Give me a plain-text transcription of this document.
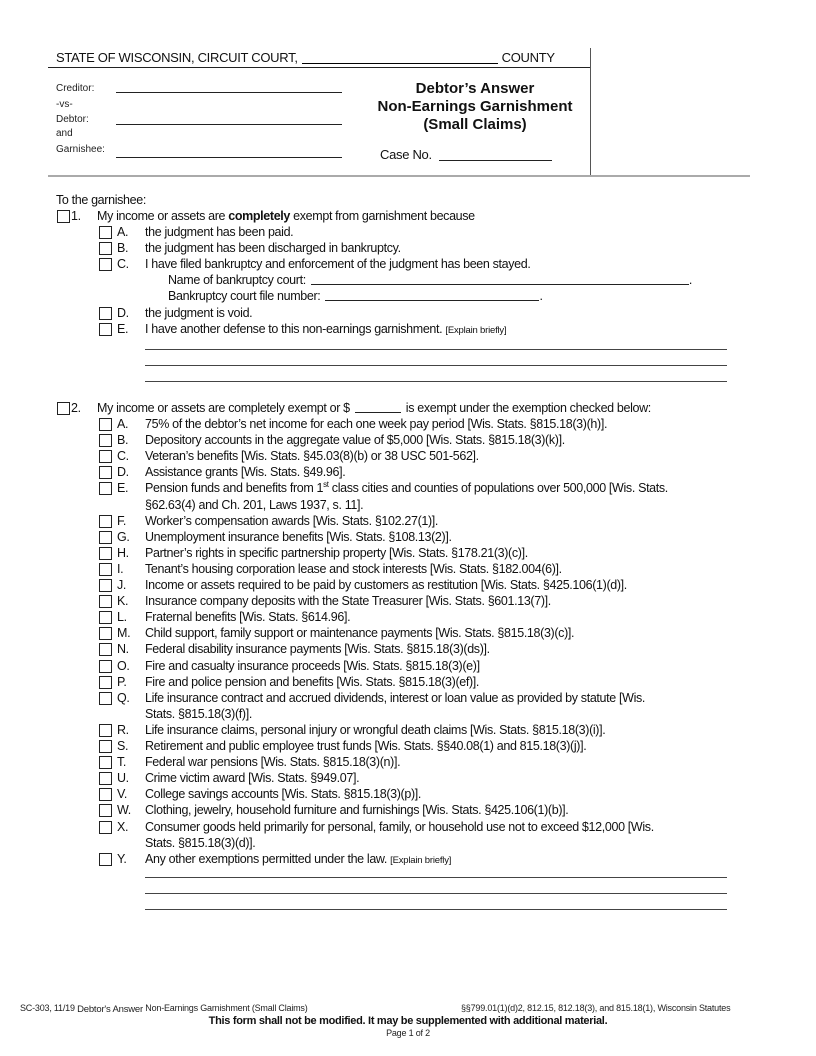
STATE OF WISCONSIN, CIRCUIT COURT,	COUNTY
Creditor:
-vs-
Debtor:
and
Garnishee:
Debtor’s Answer
Non-Earnings Garnishment
(Small Claims)
Case No.
To the garnishee:
1. My income or assets are completely exempt from garnishment because
SC-303, 11/19 Debtor's Answer Non-Earnings Garnishment (Small Claims)	§§799.01(1)(d)2, 812.15, 812.18(3), and 815.18(1), Wisconsin Statutes
This form shall not be modified. It may be supplemented with additional material.
Page 1 of 2
A. the judgment has been paid.
B. the judgment has been discharged in bankruptcy.
C. I have filed bankruptcy and enforcement of the judgment has been stayed.
Name of bankruptcy court:	.
Bankruptcy court file number:	.
D. the judgment is void.
E. I have another defense to this non-earnings garnishment. [Explain briefly]
2. My income or assets are completely exempt or $	is exempt under the exemption checked below:
A. 75% of the debtor’s net income for each one week pay period [Wis. Stats. §815.18(3)(h)].
B. Depository accounts in the aggregate value of $5,000 [Wis. Stats. §815.18(3)(k)].
C. Veteran’s benefits [Wis. Stats. §45.03(8)(b) or 38 USC 501-562].
D. Assistance grants [Wis. Stats. §49.96].
E. Pension funds and benefits from 1st class cities and counties of populations over 500,000 [Wis. Stats.
§62.63(4) and Ch. 201, Laws 1937, s. 11].
F. Worker’s compensation awards [Wis. Stats. §102.27(1)].
G. Unemployment insurance benefits [Wis. Stats. §108.13(2)].
H. Partner’s rights in specific partnership property [Wis. Stats. §178.21(3)(c)].
I. Tenant’s housing corporation lease and stock interests [Wis. Stats. §182.004(6)].
J. Income or assets required to be paid by customers as restitution [Wis. Stats. §425.106(1)(d)].
K. Insurance company deposits with the State Treasurer [Wis. Stats. §601.13(7)].
L. Fraternal benefits [Wis. Stats. §614.96].
M. Child support, family support or maintenance payments [Wis. Stats. §815.18(3)(c)].
N. Federal disability insurance payments [Wis. Stats. §815.18(3)(ds)].
O. Fire and casualty insurance proceeds [Wis. Stats. §815.18(3)(e)]
P. Fire and police pension and benefits [Wis. Stats. §815.18(3)(ef)].
Q. Life insurance contract and accrued dividends, interest or loan value as provided by statute [Wis.
Stats. §815.18(3)(f)].
R. Life insurance claims, personal injury or wrongful death claims [Wis. Stats. §815.18(3)(i)].
S. Retirement and public employee trust funds [Wis. Stats. §§40.08(1) and 815.18(3)(j)].
T. Federal war pensions [Wis. Stats. §815.18(3)(n)].
U. Crime victim award [Wis. Stats. §949.07].
V. College savings accounts [Wis. Stats. §815.18(3)(p)].
W. Clothing, jewelry, household furniture and furnishings [Wis. Stats. §425.106(1)(b)].
X. Consumer goods held primarily for personal, family, or household use not to exceed $12,000 [Wis.
Stats. §815.18(3)(d)].
Y. Any other exemptions permitted under the law. [Explain briefly]
